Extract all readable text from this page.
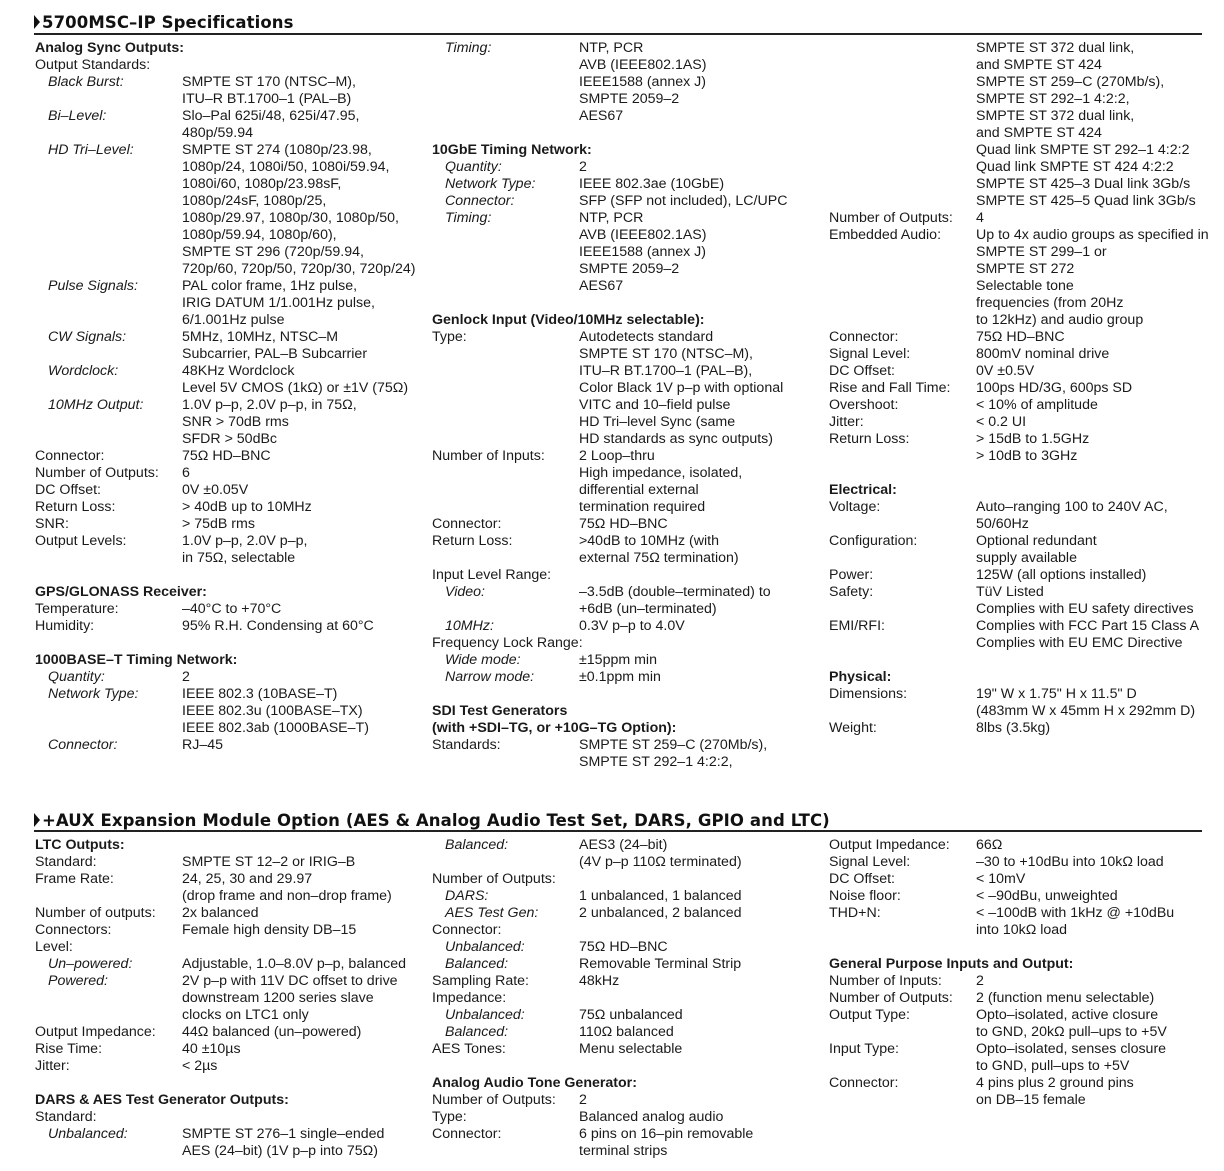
5700MSC–IP Specifications
Analog Sync Outputs:
Output Standards:
Black Burst:	SMPTE ST 170 (NTSC–M),
ITU–R BT.1700–1 (PAL–B)
Bi–Level:	Slo–Pal 625i/48, 625i/47.95,
480p/59.94
HD Tri–Level:	SMPTE ST 274 (1080p/23.98,
1080p/24, 1080i/50, 1080i/59.94,
1080i/60, 1080p/23.98sF,
1080p/24sF, 1080p/25,
1080p/29.97, 1080p/30, 1080p/50,
1080p/59.94, 1080p/60),
SMPTE ST 296 (720p/59.94,
720p/60, 720p/50, 720p/30, 720p/24)
Pulse Signals:	PAL color frame, 1Hz pulse,
IRIG DATUM 1/1.001Hz pulse,
6/1.001Hz pulse
CW Signals:	5MHz, 10MHz, NTSC–M
Subcarrier, PAL–B Subcarrier
Wordclock:	48KHz Wordclock
Level 5V CMOS (1kΩ) or ±1V (75Ω)
10MHz Output:	1.0V p–p, 2.0V p–p, in 75Ω,
SNR > 70dB rms
SFDR > 50dBc
Connector:	75Ω HD–BNC
Number of Outputs: 6
DC Offset:	0V ±0.05V
Return Loss:	> 40dB up to 10MHz
SNR:	> 75dB rms
Output Levels:	1.0V p–p, 2.0V p–p,
in 75Ω, selectable
GPS/GLONASS Receiver:
Temperature:	–40°C to +70°C
Humidity:	95% R.H. Condensing at 60°C
1000BASE–T Timing Network:
Quantity:	2
Network Type:	IEEE 802.3 (10BASE–T)
IEEE 802.3u (100BASE–TX)
IEEE 802.3ab (1000BASE–T)
Connector:	RJ–45
Timing:	NTP, PCR
AVB (IEEE802.1AS)
IEEE1588 (annex J)
SMPTE 2059–2
AES67
10GbE Timing Network:
Quantity:	2
Network Type:	IEEE 802.3ae (10GbE)
Connector:	SFP (SFP not included), LC/UPC
Timing:	NTP, PCR
AVB (IEEE802.1AS)
IEEE1588 (annex J)
SMPTE 2059–2
AES67
Genlock Input (Video/10MHz selectable):
Type:	Autodetects standard
SMPTE ST 170 (NTSC–M),
ITU–R BT.1700–1 (PAL–B),
Color Black 1V p–p with optional
VITC and 10–field pulse
HD Tri–level Sync (same
HD standards as sync outputs)
Number of Inputs: 2 Loop–thru
High impedance, isolated,
differential external
termination required
Connector:	75Ω HD–BNC
Return Loss:	>40dB to 10MHz (with
external 75Ω termination)
Input Level Range:
Video:	–3.5dB (double–terminated) to
+6dB (un–terminated)
10MHz:	0.3V p–p to 4.0V
Frequency Lock Range:
Wide mode:	±15ppm min
Narrow mode:	±0.1ppm min
SDI Test Generators
(with +SDI–TG, or +10G–TG Option):
Standards:	SMPTE ST 259–C (270Mb/s),
SMPTE ST 292–1 4:2:2,
SMPTE ST 372 dual link,
and SMPTE ST 424
SMPTE ST 259–C (270Mb/s),
SMPTE ST 292–1 4:2:2,
SMPTE ST 372 dual link,
and SMPTE ST 424
Quad link SMPTE ST 292–1 4:2:2
Quad link SMPTE ST 424 4:2:2
SMPTE ST 425–3 Dual link 3Gb/s
SMPTE ST 425–5 Quad link 3Gb/s
Number of Outputs: 4
Embedded Audio: Up to 4x audio groups as specified in
SMPTE ST 299–1 or
SMPTE ST 272
Selectable tone
frequencies (from 20Hz
to 12kHz) and audio group
Connector:	75Ω HD–BNC
Signal Level:	800mV nominal drive
DC Offset:	0V ±0.5V
Rise and Fall Time: 100ps HD/3G, 600ps SD
Overshoot:	< 10% of amplitude
Jitter:	< 0.2 UI
Return Loss:	> 15dB to 1.5GHz
> 10dB to 3GHz
Electrical:
Voltage:	Auto–ranging 100 to 240V AC,
50/60Hz
Configuration:	Optional redundant
supply available
Power:	125W (all options installed)
Safety:	TüV Listed
Complies with EU safety directives
EMI/RFI:	Complies with FCC Part 15 Class A
Complies with EU EMC Directive
Physical:
Dimensions:	19" W x 1.75" H x 11.5" D
(483mm W x 45mm H x 292mm D)
Weight:	8lbs (3.5kg)
+AUX Expansion Module Option (AES & Analog Audio Test Set, DARS, GPIO and LTC)
LTC Outputs:
Standard:	SMPTE ST 12–2 or IRIG–B
Frame Rate:	24, 25, 30 and 29.97
(drop frame and non–drop frame)
Number of outputs: 2x balanced
Connectors:	Female high density DB–15
Level:
Un–powered:	Adjustable, 1.0–8.0V p–p, balanced
Powered:	2V p–p with 11V DC offset to drive
downstream 1200 series slave
clocks on LTC1 only
Output Impedance: 44Ω balanced (un–powered)
Rise Time:	40 ±10µs
Jitter:	< 2µs
DARS & AES Test Generator Outputs:
Standard:
Unbalanced:	SMPTE ST 276–1 single–ended
AES (24–bit) (1V p–p into 75Ω)
Balanced:	AES3 (24–bit)
(4V p–p 110Ω terminated)
Number of Outputs:
DARS:	1 unbalanced, 1 balanced
AES Test Gen:	2 unbalanced, 2 balanced
Connector:
Unbalanced:	75Ω HD–BNC
Balanced:	Removable Terminal Strip
Sampling Rate:	48kHz
Impedance:
Unbalanced:	75Ω unbalanced
Balanced:	110Ω balanced
AES Tones:	Menu selectable
Analog Audio Tone Generator:
Number of Outputs: 2
Type:	Balanced analog audio
Connector:	6 pins on 16–pin removable
terminal strips
Output Impedance: 66Ω
Signal Level:	–30 to +10dBu into 10kΩ load
DC Offset:	< 10mV
Noise floor:	< –90dBu, unweighted
THD+N:	< –100dB with 1kHz @ +10dBu
into 10kΩ load
General Purpose Inputs and Output:
Number of Inputs: 2
Number of Outputs: 2 (function menu selectable)
Output Type:	Opto–isolated, active closure
to GND, 20kΩ pull–ups to +5V
Input Type:	Opto–isolated, senses closure
to GND, pull–ups to +5V
Connector:	4 pins plus 2 ground pins
on DB–15 female
